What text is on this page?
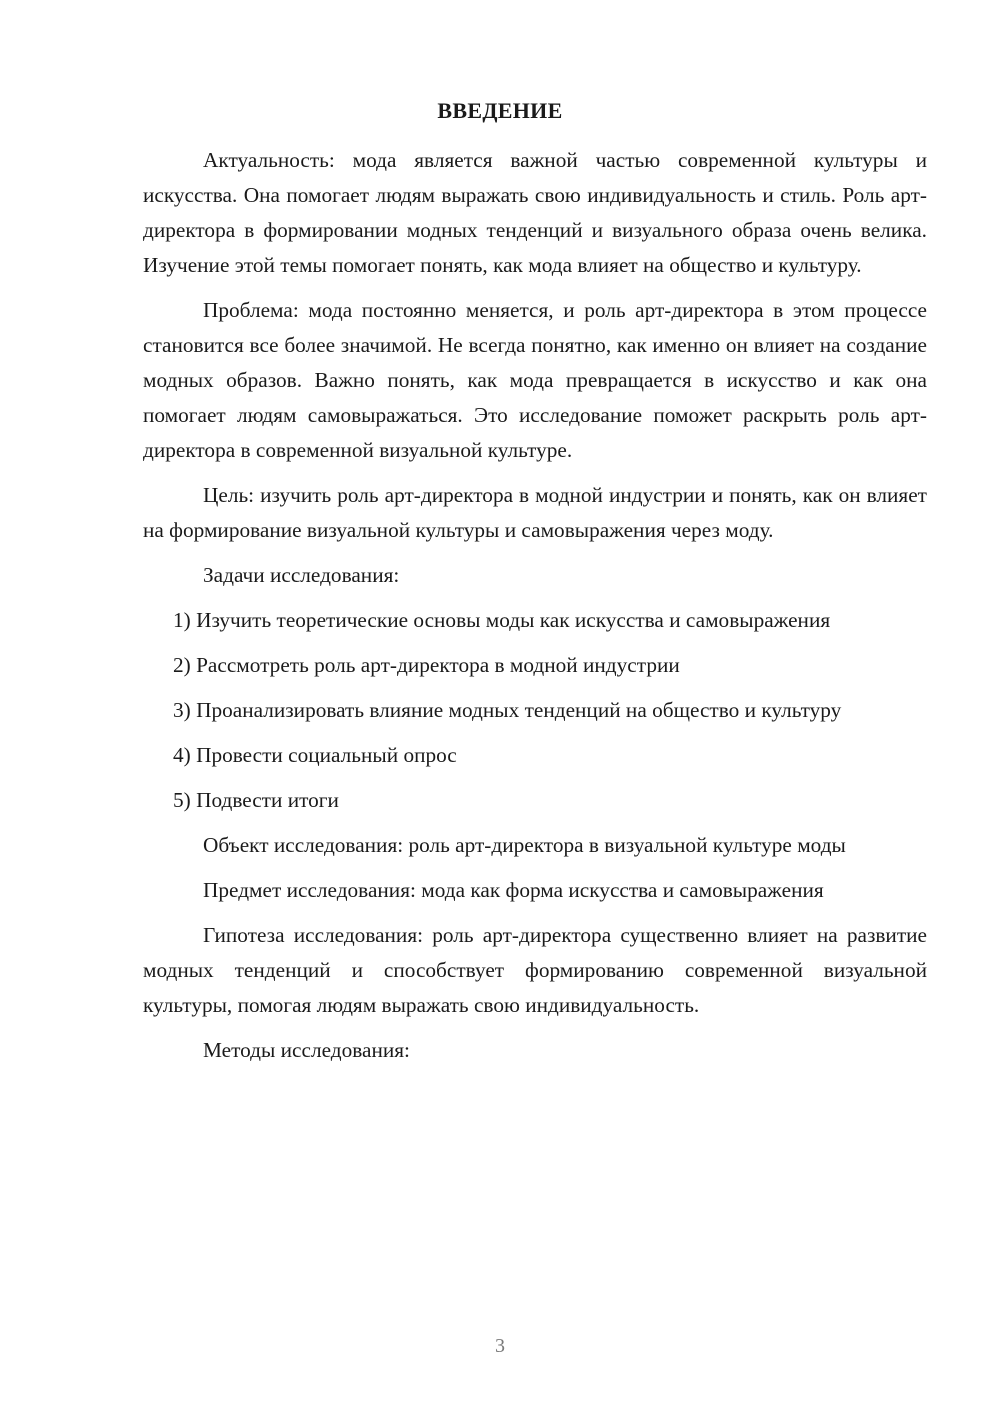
ВВЕДЕНИЕ

Актуальность: мода является важной частью современной культуры и искусства. Она помогает людям выражать свою индивидуальность и стиль. Роль арт-директора в формировании модных тенденций и визуального образа очень велика. Изучение этой темы помогает понять, как мода влияет на общество и культуру.

Проблема: мода постоянно меняется, и роль арт-директора в этом процессе становится все более значимой. Не всегда понятно, как именно он влияет на создание модных образов. Важно понять, как мода превращается в искусство и как она помогает людям самовыражаться. Это исследование поможет раскрыть роль арт-директора в современной визуальной культуре.

Цель: изучить роль арт-директора в модной индустрии и понять, как он влияет на формирование визуальной культуры и самовыражения через моду.

Задачи исследования:

1) Изучить теоретические основы моды как искусства и самовыражения

2) Рассмотреть роль арт-директора в модной индустрии

3) Проанализировать влияние модных тенденций на общество и культуру

4) Провести социальный опрос

5) Подвести итоги

Объект исследования: роль арт-директора в визуальной культуре моды

Предмет исследования: мода как форма искусства и самовыражения

Гипотеза исследования: роль арт-директора существенно влияет на развитие модных тенденций и способствует формированию современной визуальной культуры, помогая людям выражать свою индивидуальность.

Методы исследования:

3
